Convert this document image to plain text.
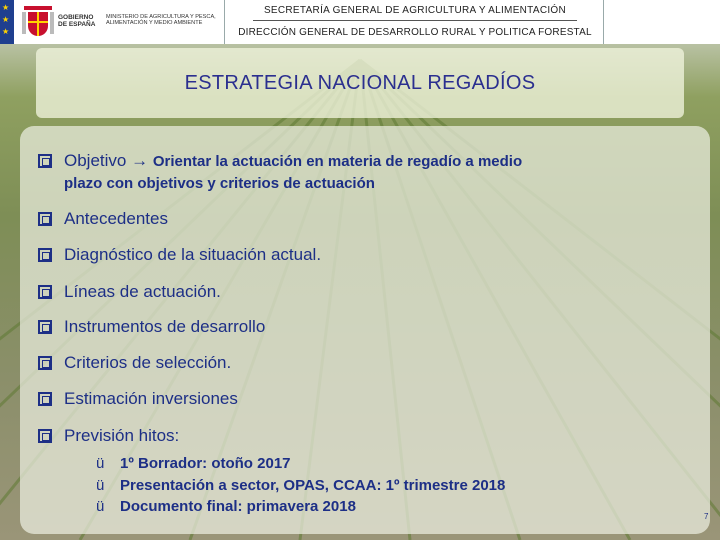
★
★
★
GOBIERNO DE ESPAÑA
MINISTERIO DE AGRICULTURA Y PESCA, ALIMENTACIÓN Y MEDIO AMBIENTE
SECRETARÍA GENERAL DE AGRICULTURA Y ALIMENTACIÓN
DIRECCIÓN GENERAL DE DESARROLLO RURAL Y POLITICA FORESTAL
ESTRATEGIA NACIONAL REGADÍOS
Objetivo → Orientar la actuación en materia de regadío a medio
plazo con objetivos y criterios de actuación
Antecedentes
Diagnóstico de la situación actual.
Líneas de actuación.
Instrumentos de desarrollo
Criterios de selección.
Estimación inversiones
Previsión hitos:
ü 1º Borrador: otoño 2017
ü Presentación a sector, OPAS, CCAA: 1º trimestre 2018
ü Documento final: primavera 2018
7
